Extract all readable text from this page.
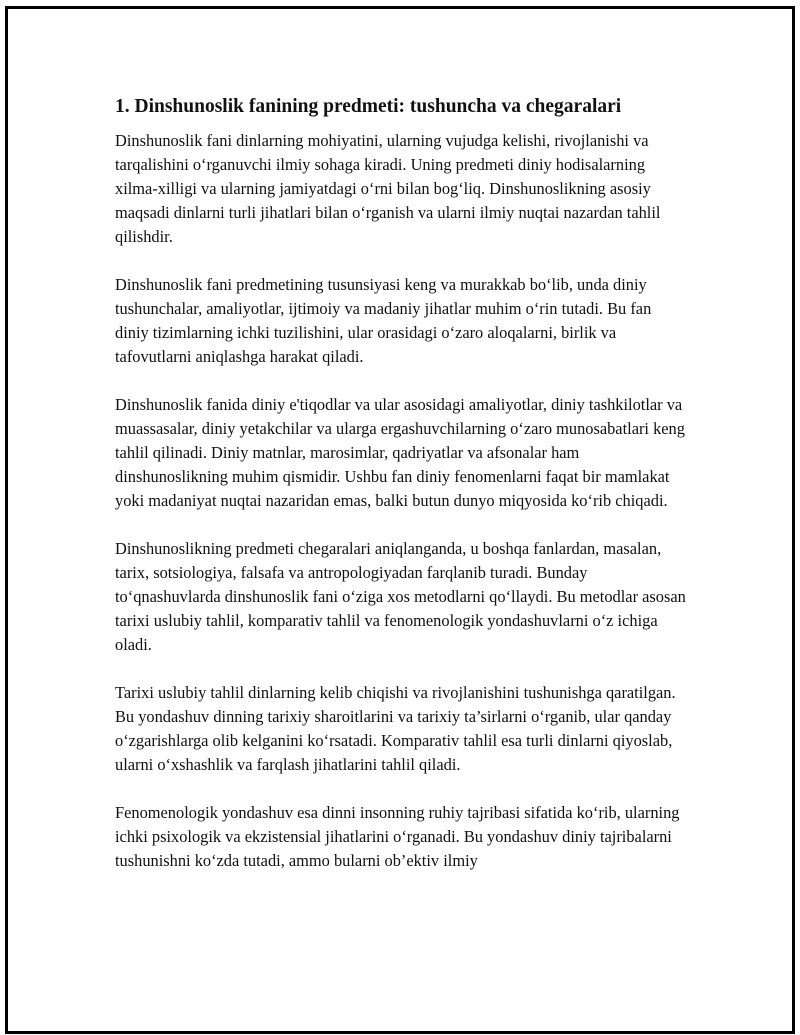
1. Dinshunoslik fanining predmeti: tushuncha va chegaralari

Dinshunoslik fani dinlarning mohiyatini, ularning vujudga kelishi, rivojlanishi va tarqalishini o‘rganuvchi ilmiy sohaga kiradi. Uning predmeti diniy hodisalarning xilma-xilligi va ularning jamiyatdagi o‘rni bilan bog‘liq. Dinshunoslikning asosiy maqsadi dinlarni turli jihatlari bilan o‘rganish va ularni ilmiy nuqtai nazardan tahlil qilishdir.

Dinshunoslik fani predmetining tusunsiyasi keng va murakkab bo‘lib, unda diniy tushunchalar, amaliyotlar, ijtimoiy va madaniy jihatlar muhim o‘rin tutadi. Bu fan diniy tizimlarning ichki tuzilishini, ular orasidagi o‘zaro aloqalarni, birlik va tafovutlarni aniqlashga harakat qiladi.

Dinshunoslik fanida diniy e'tiqodlar va ular asosidagi amaliyotlar, diniy tashkilotlar va muassasalar, diniy yetakchilar va ularga ergashuvchilarning o‘zaro munosabatlari keng tahlil qilinadi. Diniy matnlar, marosimlar, qadriyatlar va afsonalar ham dinshunoslikning muhim qismidir. Ushbu fan diniy fenomenlarni faqat bir mamlakat yoki madaniyat nuqtai nazaridan emas, balki butun dunyo miqyosida ko‘rib chiqadi.

Dinshunoslikning predmeti chegaralari aniqlanganda, u boshqa fanlardan, masalan, tarix, sotsiologiya, falsafa va antropologiyadan farqlanib turadi. Bunday to‘qnashuvlarda dinshunoslik fani o‘ziga xos metodlarni qo‘llaydi. Bu metodlar asosan tarixi uslubiy tahlil, komparativ tahlil va fenomenologik yondashuvlarni o‘z ichiga oladi.

Tarixi uslubiy tahlil dinlarning kelib chiqishi va rivojlanishini tushunishga qaratilgan. Bu yondashuv dinning tarixiy sharoitlarini va tarixiy ta’sirlarni o‘rganib, ular qanday o‘zgarishlarga olib kelganini ko‘rsatadi. Komparativ tahlil esa turli dinlarni qiyoslab, ularni o‘xshashlik va farqlash jihatlarini tahlil qiladi.

Fenomenologik yondashuv esa dinni insonning ruhiy tajribasi sifatida ko‘rib, ularning ichki psixologik va ekzistensial jihatlarini o‘rganadi. Bu yondashuv diniy tajribalarni tushunishni ko‘zda tutadi, ammo bularni ob’ektiv ilmiy
